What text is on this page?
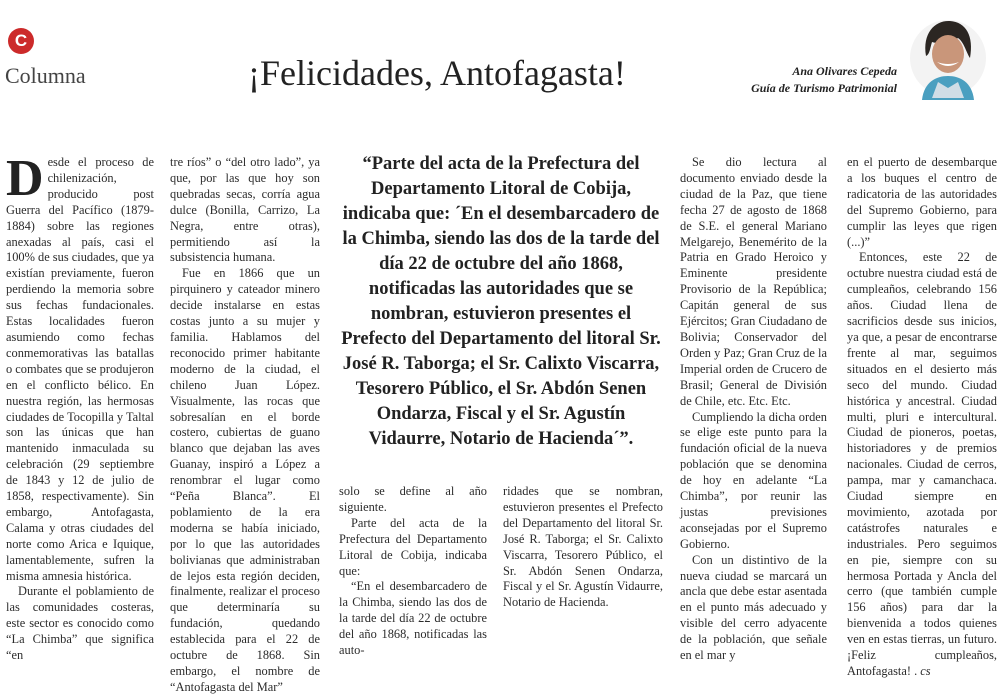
C
Columna	¡Felicidades, Antofagasta!	Ana Olivares Cepeda
Guía de Turismo Patrimonial

Desde el proceso de chilenización, producido post Guerra del Pacífico (1879-1884) sobre las regiones anexadas al país, casi el 100% de sus ciudades, que ya existían previamente, fueron perdiendo la memoria sobre sus fechas fundacionales. Estas localidades fueron asumiendo como fechas conmemorativas las batallas o combates que se produjeron en el conflicto bélico. En nuestra región, las hermosas ciudades de Tocopilla y Taltal son las únicas que han mantenido inmaculada su celebración (29 septiembre de 1843 y 12 de julio de 1858, respectivamente). Sin embargo, Antofagasta, Calama y otras ciudades del norte como Arica e Iquique, lamentablemente, sufren la misma amnesia histórica.

Durante el poblamiento de las comunidades costeras, este sector es conocido como “La Chimba” que significa “en

tre ríos” o “del otro lado”, ya que, por las que hoy son quebradas secas, corría agua dulce (Bonilla, Carrizo, La Negra, entre otras), permitiendo así la subsistencia humana.

Fue en 1866 que un pirquinero y cateador minero decide instalarse en estas costas junto a su mujer y familia. Hablamos del reconocido primer habitante moderno de la ciudad, el chileno Juan López. Visualmente, las rocas que sobresalían en el borde costero, cubiertas de guano blanco que dejaban las aves Guanay, inspiró a López a renombrar el lugar como “Peña Blanca”. El poblamiento de la era moderna se había iniciado, por lo que las autoridades bolivianas que administraban de lejos esta región deciden, finalmente, realizar el proceso que determinaría su fundación, quedando establecida para el 22 de octubre de 1868. Sin embargo, el nombre de “Antofagasta del Mar”

“Parte del acta de la Prefectura del Departamento Litoral de Cobija, indicaba que: ´En el desembarcadero de la Chimba, siendo las dos de la tarde del día 22 de octubre del año 1868, notificadas las autoridades que se nombran, estuvieron presentes el Prefecto del Departamento del litoral Sr. José R. Taborga; el Sr. Calixto Viscarra, Tesorero Público, el Sr. Abdón Senen Ondarza, Fiscal y el Sr. Agustín Vidaurre, Notario de Hacienda´”.

solo se define al año siguiente.

Parte del acta de la Prefectura del Departamento Litoral de Cobija, indicaba que:

“En el desembarcadero de la Chimba, siendo las dos de la tarde del día 22 de octubre del año 1868, notificadas las auto-

ridades que se nombran, estuvieron presentes el Prefecto del Departamento del litoral Sr. José R. Taborga; el Sr. Calixto Viscarra, Tesorero Público, el Sr. Abdón Senen Ondarza, Fiscal y el Sr. Agustín Vidaurre, Notario de Hacienda.

Se dio lectura al documento enviado desde la ciudad de la Paz, que tiene fecha 27 de agosto de 1868 de S.E. el general Mariano Melgarejo, Benemérito de la Patria en Grado Heroico y Eminente presidente Provisorio de la República; Capitán general de sus Ejércitos; Gran Ciudadano de Bolivia; Conservador del Orden y Paz; Gran Cruz de la Imperial orden de Crucero de Brasil; General de División de Chile, etc. Etc. Etc.

Cumpliendo la dicha orden se elige este punto para la fundación oficial de la nueva población que se denomina de hoy en adelante “La Chimba”, por reunir las justas previsiones aconsejadas por el Supremo Gobierno.

Con un distintivo de la nueva ciudad se marcará un ancla que debe estar asentada en el punto más adecuado y visible del cerro adyacente de la población, que señale en el mar y

en el puerto de desembarque a los buques el centro de radicatoria de las autoridades del Supremo Gobierno, para cumplir las leyes que rigen (...)”

Entonces, este 22 de octubre nuestra ciudad está de cumpleaños, celebrando 156 años. Ciudad llena de sacrificios desde sus inicios, ya que, a pesar de encontrarse frente al mar, seguimos situados en el desierto más seco del mundo. Ciudad histórica y ancestral. Ciudad multi, pluri e intercultural. Ciudad de pioneros, poetas, historiadores y de premios nacionales. Ciudad de cerros, pampa, mar y camanchaca. Ciudad siempre en movimiento, azotada por catástrofes naturales e industriales. Pero seguimos en pie, siempre con su hermosa Portada y Ancla del cerro (que también cumple 156 años) para dar la bienvenida a todos quienes ven en estas tierras, un futuro. ¡Feliz cumpleaños, Antofagasta! . cs
